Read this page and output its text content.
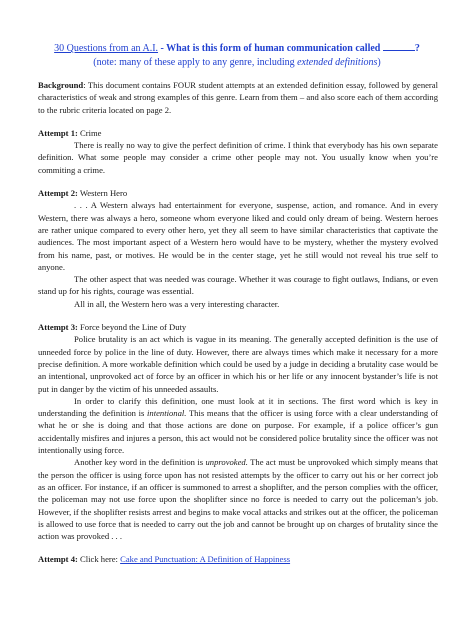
30 Questions from an A.I. - What is this form of human communication called	?
(note: many of these apply to any genre, including extended definitions)

Background: This document contains FOUR student attempts at an extended definition essay, followed by general characteristics of weak and strong examples of this genre. Learn from them – and also score each of them according to the rubric criteria located on page 2.

Attempt 1: Crime

There is really no way to give the perfect definition of crime. I think that everybody has his own separate definition. What some people may consider a crime other people may not. You usually know when you’re commiting a crime.

Attempt 2: Western Hero

. . . A Western always had entertainment for everyone, suspense, action, and romance. And in every Western, there was always a hero, someone whom everyone liked and could only dream of being. Western heroes are rather unique compared to every other hero, yet they all seem to have similar characteristics that captivate the audiences. The most important aspect of a Western hero would have to be mystery, whether the mystery evolved from his name, past, or motives. He would be in the center stage, yet he still would not reveal his true self to anyone.

The other aspect that was needed was courage. Whether it was courage to fight outlaws, Indians, or even stand up for his rights, courage was essential.

All in all, the Western hero was a very interesting character.

Attempt 3: Force beyond the Line of Duty

Police brutality is an act which is vague in its meaning. The generally accepted definition is the use of unneeded force by police in the line of duty. However, there are always times which make it necessary for a more precise definition. A more workable definition which could be used by a judge in deciding a brutality case would be an intentional, unprovoked act of force by an officer in which his or her life or any innocent bystander’s life is not put in danger by the victim of his unneeded assaults.

In order to clarify this definition, one must look at it in sections. The first word which is key in understanding the definition is intentional. This means that the officer is using force with a clear understanding of what he or she is doing and that those actions are done on purpose. For example, if a police officer’s gun accidentally misfires and injures a person, this act would not be considered police brutality since the officer was not intentionally using force.

Another key word in the definition is unprovoked. The act must be unprovoked which simply means that the person the officer is using force upon has not resisted attempts by the officer to carry out his or her correct job as an officer. For instance, if an officer is summoned to arrest a shoplifter, and the person complies with the officer, the policeman may not use force upon the shoplifter since no force is needed to carry out the policeman’s job. However, if the shoplifter resists arrest and begins to make vocal attacks and strikes out at the officer, the policeman is allowed to use force that is needed to carry out the job and cannot be brought up on charges of brutality since the action was provoked . . .

Attempt 4: Click here: Cake and Punctuation: A Definition of Happiness
